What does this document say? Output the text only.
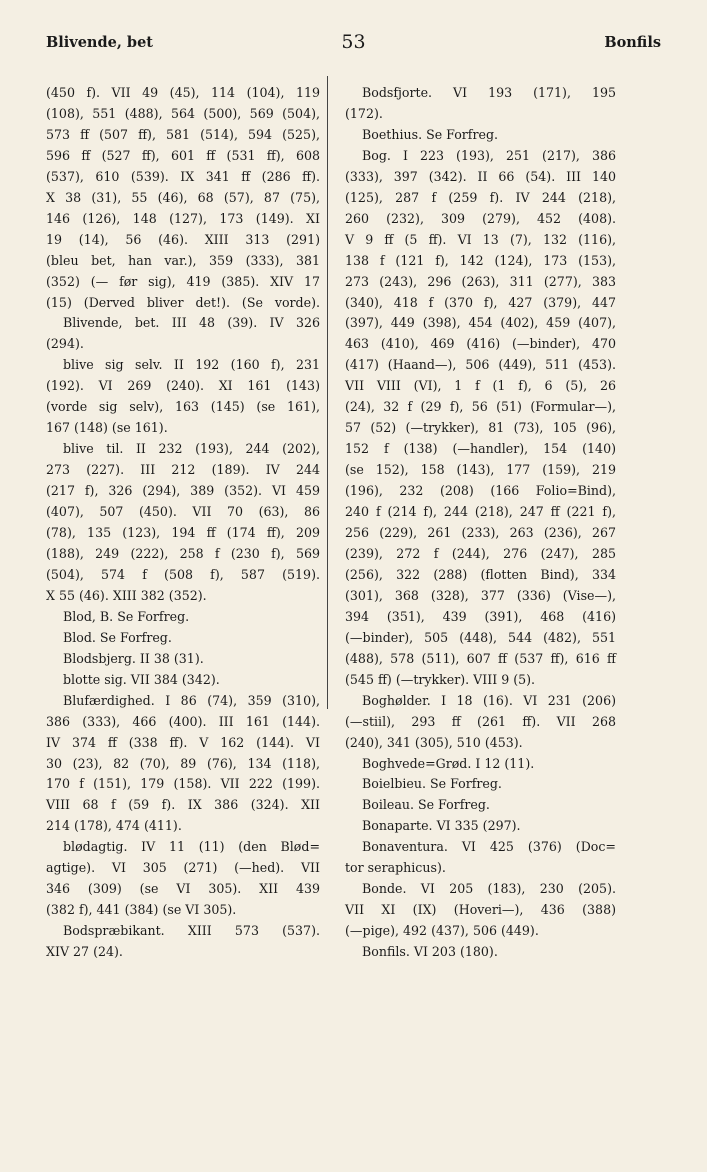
Blivende, bet	53	Bonfils
(450 f). VII 49 (45), 114 (104), 119
(108), 551 (488), 564 (500), 569 (504),
573 ff (507 ff), 581 (514), 594 (525),
596 ff (527 ff), 601 ff (531 ff), 608
(537), 610 (539). IX 341 ff (286 ff).
X 38 (31), 55 (46), 68 (57), 87 (75),
146 (126), 148 (127), 173 (149). XI
19 (14), 56 (46). XIII 313 (291)
(bleu bet, han var.), 359 (333), 381
(352) (— før sig), 419 (385). XIV 17
(15) (Derved bliver det!). (Se vorde).
Blivende, bet. III 48 (39). IV 326
(294).
blive sig selv. II 192 (160 f), 231
(192). VI 269 (240). XI 161 (143)
(vorde sig selv), 163 (145) (se 161),
167 (148) (se 161).
blive til. II 232 (193), 244 (202),
273 (227). III 212 (189). IV 244
(217 f), 326 (294), 389 (352). VI 459
(407), 507 (450). VII 70 (63), 86
(78), 135 (123), 194 ff (174 ff), 209
(188), 249 (222), 258 f (230 f), 569
(504), 574 f (508 f), 587 (519).
X 55 (46). XIII 382 (352).
Blod, B. Se Forfreg.
Blod. Se Forfreg.
Blodsbjerg. II 38 (31).
blotte sig. VII 384 (342).
Blufærdighed. I 86 (74), 359 (310),
386 (333), 466 (400). III 161 (144).
IV 374 ff (338 ff). V 162 (144). VI
30 (23), 82 (70), 89 (76), 134 (118),
170 f (151), 179 (158). VII 222 (199).
VIII 68 f (59 f). IX 386 (324). XII
214 (178), 474 (411).
blødagtig. IV 11 (11) (den Blød=
agtige). VI 305 (271) (—hed). VII
346 (309) (se VI 305). XII 439
(382 f), 441 (384) (se VI 305).
Bodspræbikant. XIII 573 (537).
XIV 27 (24).
Bodsfjorte. VI 193 (171), 195
(172).
Boethius. Se Forfreg.
Bog. I 223 (193), 251 (217), 386
(333), 397 (342). II 66 (54). III 140
(125), 287 f (259 f). IV 244 (218),
260 (232), 309 (279), 452 (408).
V 9 ff (5 ff). VI 13 (7), 132 (116),
138 f (121 f), 142 (124), 173 (153),
273 (243), 296 (263), 311 (277), 383
(340), 418 f (370 f), 427 (379), 447
(397), 449 (398), 454 (402), 459 (407),
463 (410), 469 (416) (—binder), 470
(417) (Haand—), 506 (449), 511 (453).
VII VIII (VI), 1 f (1 f), 6 (5), 26
(24), 32 f (29 f), 56 (51) (Formular—),
57 (52) (—trykker), 81 (73), 105 (96),
152 f (138) (—handler), 154 (140)
(se 152), 158 (143), 177 (159), 219
(196), 232 (208) (166 Folio=Bind),
240 f (214 f), 244 (218), 247 ff (221 f),
256 (229), 261 (233), 263 (236), 267
(239), 272 f (244), 276 (247), 285
(256), 322 (288) (flotten Bind), 334
(301), 368 (328), 377 (336) (Vise—),
394 (351), 439 (391), 468 (416)
(—binder), 505 (448), 544 (482), 551
(488), 578 (511), 607 ff (537 ff), 616 ff
(545 ff) (—trykker). VIII 9 (5).
Boghølder. I 18 (16). VI 231 (206)
(—stiil), 293 ff (261 ff). VII 268
(240), 341 (305), 510 (453).
Boghvede=Grød. I 12 (11).
Boielbieu. Se Forfreg.
Boileau. Se Forfreg.
Bonaparte. VI 335 (297).
Bonaventura. VI 425 (376) (Doc=
tor seraphicus).
Bonde. VI 205 (183), 230 (205).
VII XI (IX) (Hoveri—), 436 (388)
(—pige), 492 (437), 506 (449).
Bonfils. VI 203 (180).
